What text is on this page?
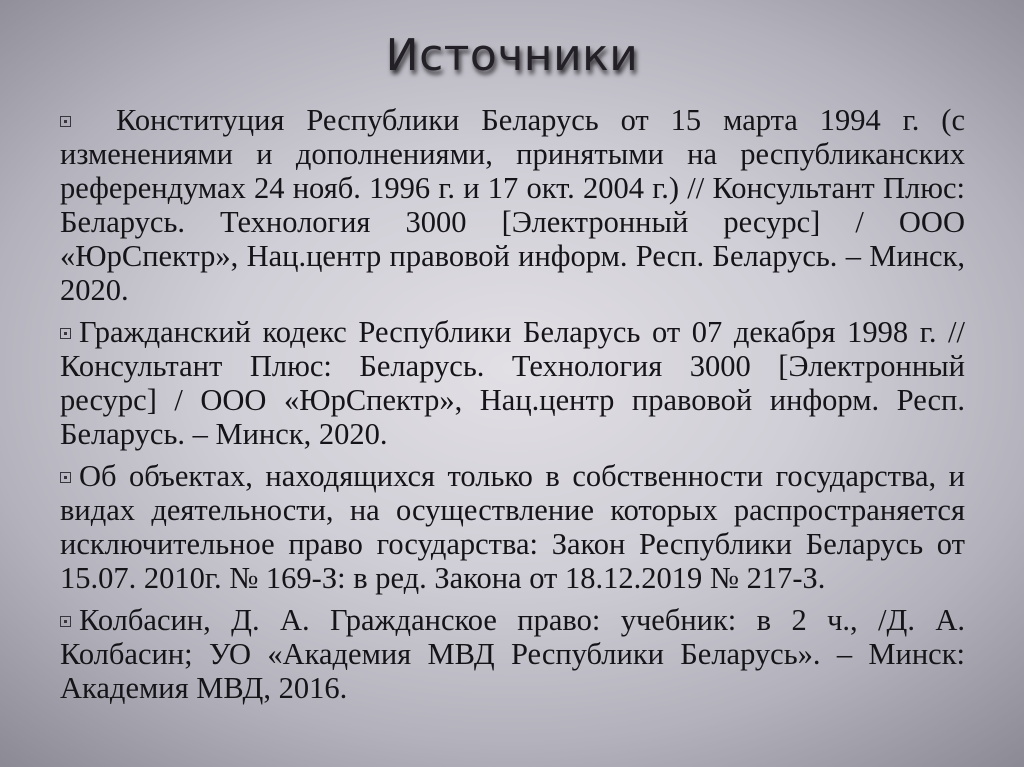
Источники

Конституция Республики Беларусь от 15 марта 1994 г. (с изменениями и дополнениями, принятыми на республиканских референдумах 24 нояб. 1996 г. и 17 окт. 2004 г.) // Консультант Плюс: Беларусь. Технология 3000 [Электронный ресурс] / ООО «ЮрСпектр», Нац.центр правовой информ. Респ. Беларусь. – Минск, 2020.

Гражданский кодекс Республики Беларусь от 07 декабря 1998 г. // Консультант Плюс: Беларусь. Технология 3000 [Электронный ресурс] / ООО «ЮрСпектр», Нац.центр правовой информ. Респ. Беларусь. – Минск, 2020.

Об объектах, находящихся только в собственности государства, и видах деятельности, на осуществление которых распространяется исключительное право государства: Закон Республики Беларусь от 15.07. 2010г. № 169-З: в ред. Закона от 18.12.2019 № 217-З.

Колбасин, Д. А. Гражданское право: учебник: в 2 ч., /Д. А. Колбасин; УО «Академия МВД Республики Беларусь». – Минск: Академия МВД, 2016.
